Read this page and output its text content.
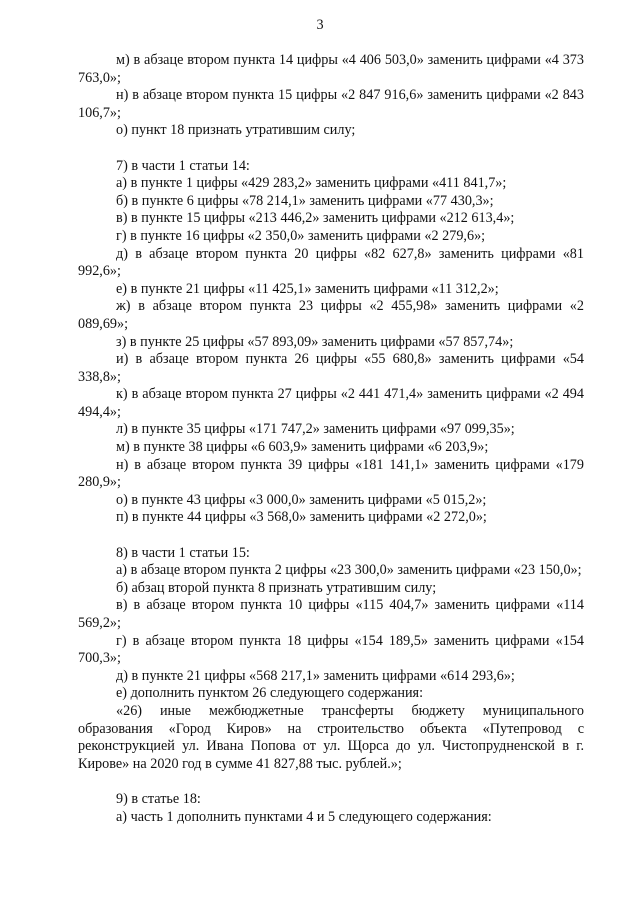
3

м) в абзаце втором пункта 14 цифры «4 406 503,0» заменить цифрами «4 373 763,0»;

н) в абзаце втором пункта 15 цифры «2 847 916,6» заменить цифрами «2 843 106,7»;

о) пункт 18 признать утратившим силу;

7) в части 1 статьи 14:

а) в пункте 1 цифры «429 283,2» заменить цифрами «411 841,7»;

б) в пункте 6 цифры «78 214,1» заменить цифрами «77 430,3»;

в) в пункте 15 цифры «213 446,2» заменить цифрами «212 613,4»;

г) в пункте 16 цифры «2 350,0» заменить цифрами «2 279,6»;

д) в абзаце втором пункта 20 цифры «82 627,8» заменить цифрами «81 992,6»;

е) в пункте 21 цифры «11 425,1» заменить цифрами «11 312,2»;

ж) в абзаце втором пункта 23 цифры «2 455,98» заменить цифрами «2 089,69»;

з) в пункте 25 цифры «57 893,09» заменить цифрами «57 857,74»;

и) в абзаце втором пункта 26 цифры «55 680,8» заменить цифрами «54 338,8»;

к) в абзаце втором пункта 27 цифры «2 441 471,4» заменить цифрами «2 494 494,4»;

л) в пункте 35 цифры «171 747,2» заменить цифрами «97 099,35»;

м) в пункте 38 цифры «6 603,9» заменить цифрами «6 203,9»;

н) в абзаце втором пункта 39 цифры «181 141,1» заменить цифрами «179 280,9»;

о) в пункте 43 цифры «3 000,0» заменить цифрами «5 015,2»;

п) в пункте 44 цифры «3 568,0» заменить цифрами «2 272,0»;

8) в части 1 статьи 15:

а) в абзаце втором пункта 2 цифры «23 300,0» заменить цифрами «23 150,0»;

б) абзац второй пункта 8 признать утратившим силу;

в) в абзаце втором пункта 10 цифры «115 404,7» заменить цифрами «114 569,2»;

г) в абзаце втором пункта 18 цифры «154 189,5» заменить цифрами «154 700,3»;

д) в пункте 21 цифры «568 217,1» заменить цифрами «614 293,6»;

е) дополнить пунктом 26 следующего содержания:

«26) иные межбюджетные трансферты бюджету муниципального образования «Город Киров» на строительство объекта «Путепровод с реконструкцией ул. Ивана Попова от ул. Щорса до ул. Чистопрудненской в г. Кирове» на 2020 год в сумме 41 827,88 тыс. рублей.»;

9) в статье 18:

а) часть 1 дополнить пунктами 4 и 5 следующего содержания:
